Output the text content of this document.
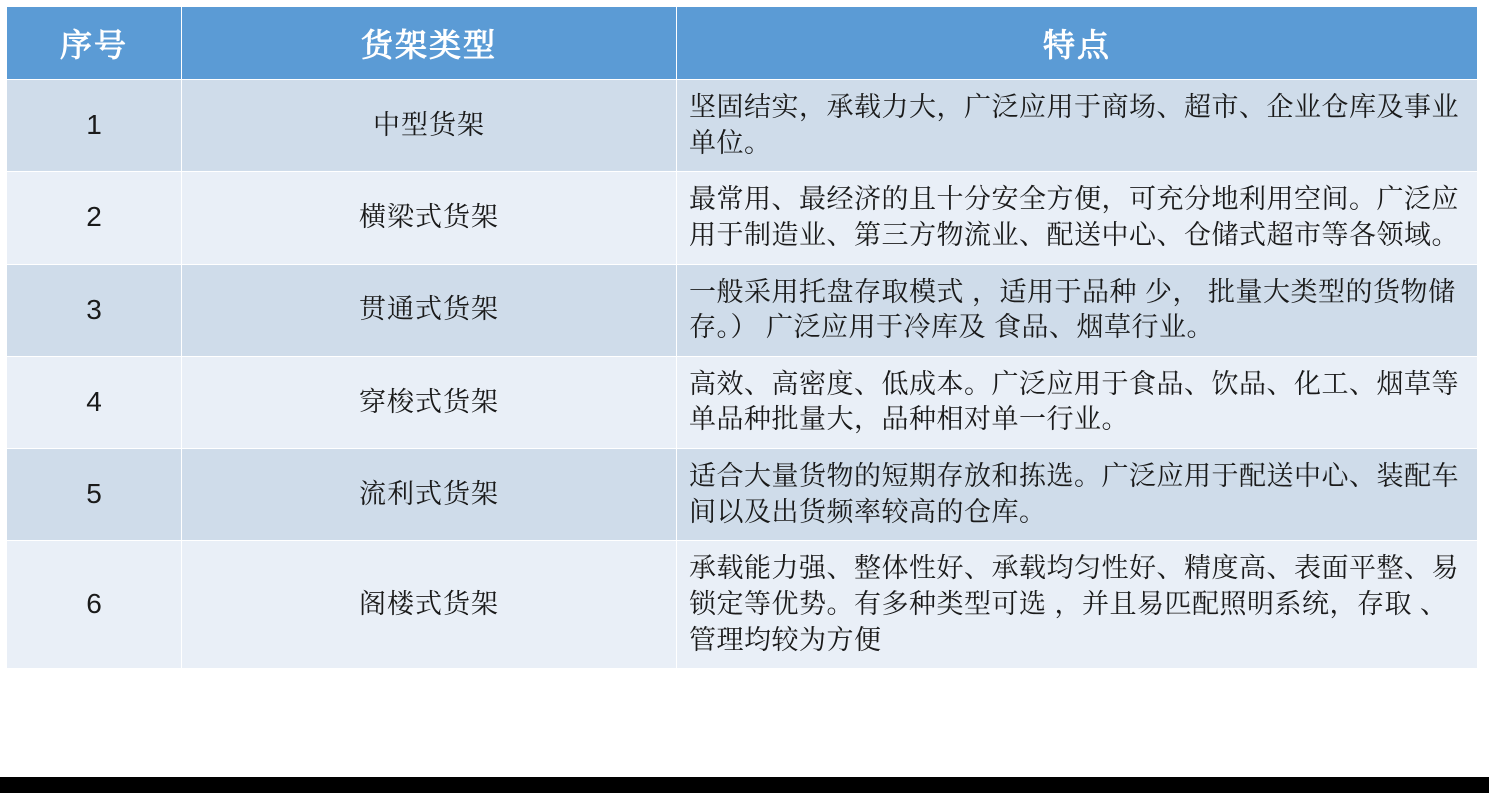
序号	货架类型	特点
1	中型货架	坚固结实，承载力大，广泛应用于商场、超市、企业仓库及事业单位。
2	横梁式货架	最常用、最经济的且十分安全方便，可充分地利用空间。广泛应用于制造业、第三方物流业、配送中心、仓储式超市等各领域。
3	贯通式货架	一般采用托盘存取模式 ，适用于品种 少， 批量大类型的货物储存。） 广泛应用于冷库及 食品、烟草行业。
4	穿梭式货架	高效、高密度、低成本。广泛应用于食品、饮品、化工、烟草等单品种批量大，品种相对单一行业。
5	流利式货架	适合大量货物的短期存放和拣选。广泛应用于配送中心、装配车间以及出货频率较高的仓库。
6	阁楼式货架	承载能力强、整体性好、承载均匀性好、精度高、表面平整、易锁定等优势。有多种类型可选 ，并且易匹配照明系统，存取 、 管理均较为方便
